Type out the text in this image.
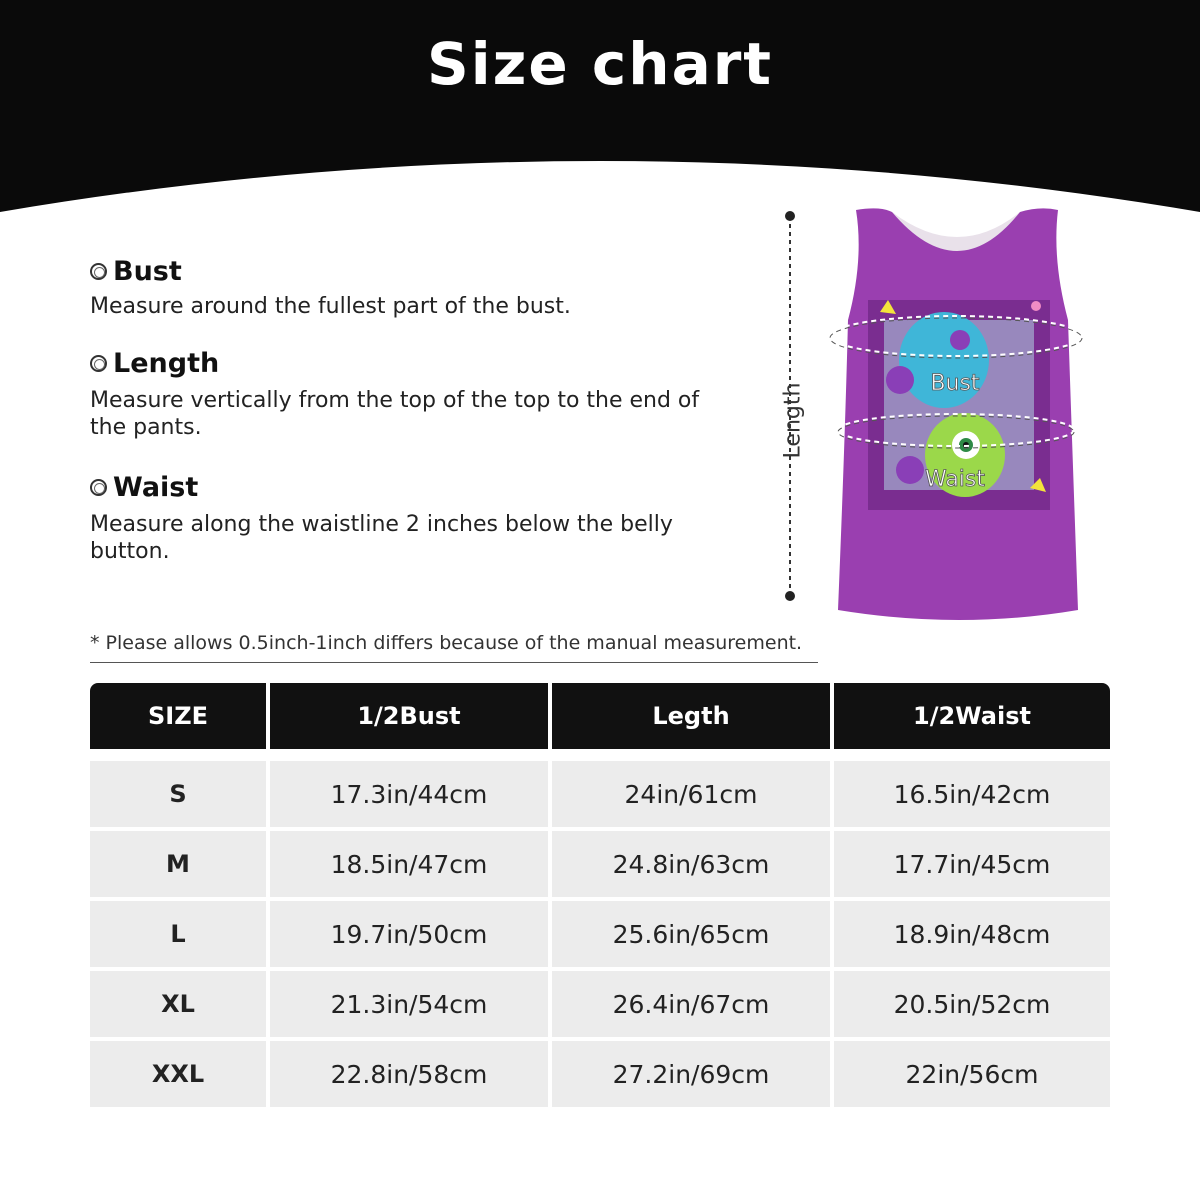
Size chart
Bust
Measure around the fullest part of the bust.
Length
Measure vertically from the top of the top to the end of the pants.
Waist
Measure along the waistline 2 inches below the belly button.
Bust
Waist
Length
* Please allows 0.5inch-1inch differs because of the manual measurement.
SIZE	1/2Bust	Legth	1/2Waist
S	17.3in/44cm	24in/61cm	16.5in/42cm
M	18.5in/47cm	24.8in/63cm	17.7in/45cm
L	19.7in/50cm	25.6in/65cm	18.9in/48cm
XL	21.3in/54cm	26.4in/67cm	20.5in/52cm
XXL	22.8in/58cm	27.2in/69cm	22in/56cm
